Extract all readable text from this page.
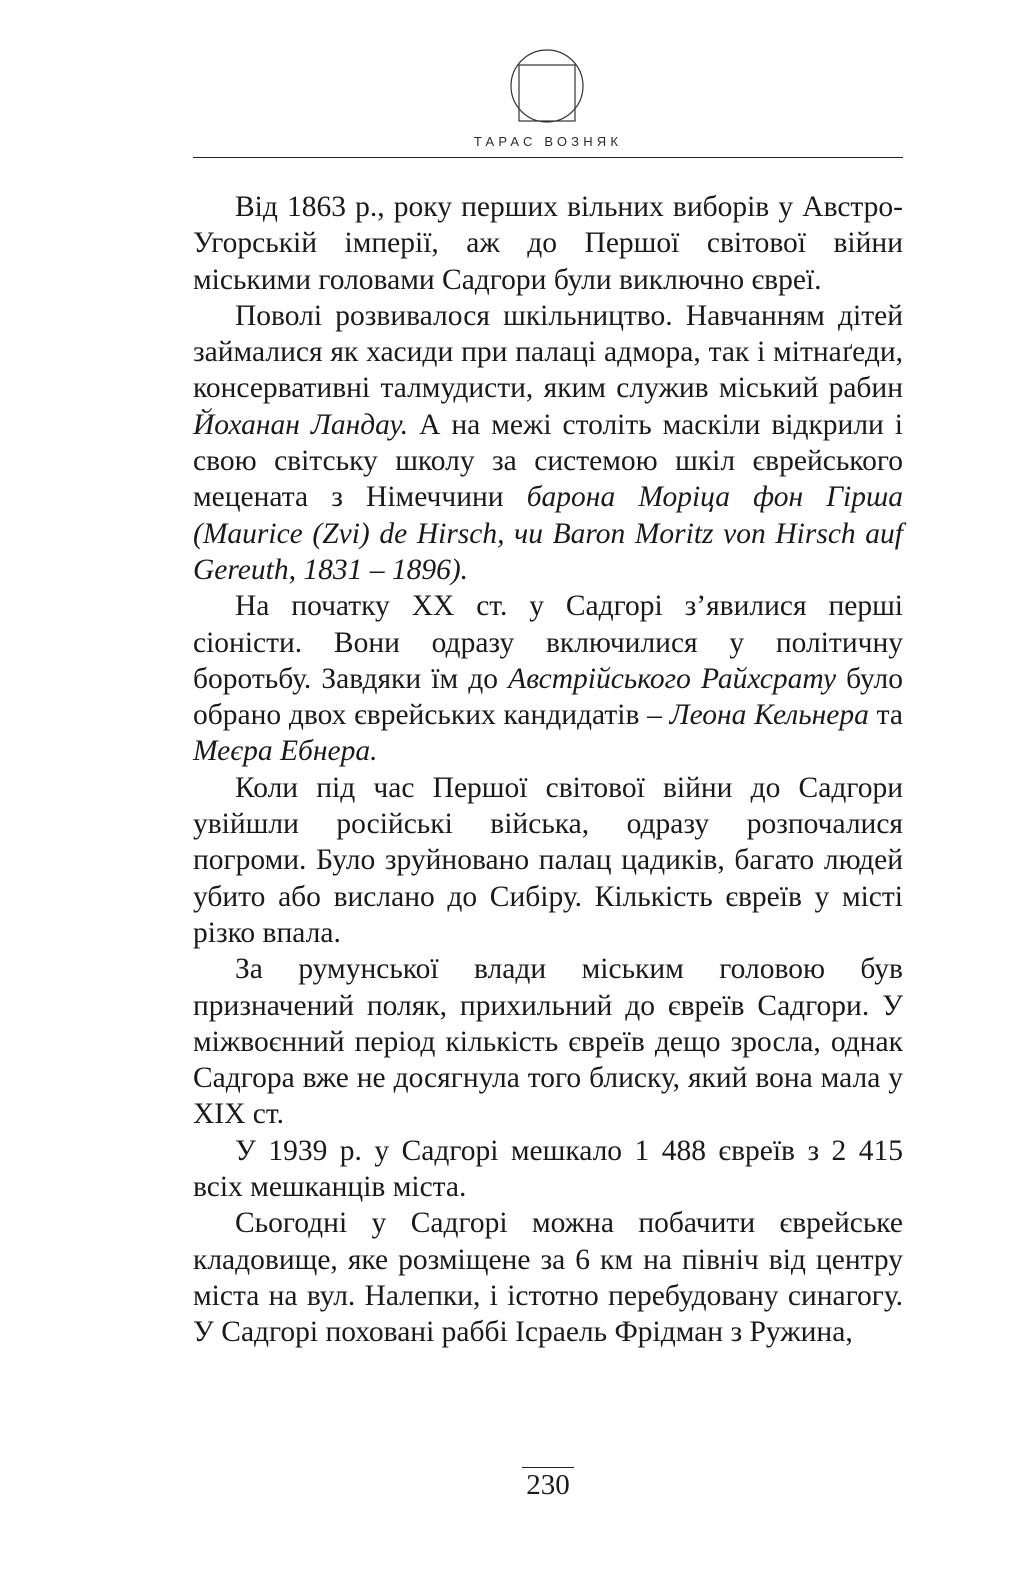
ТАРАС ВОЗНЯК

Від 1863 р., року перших вільних виборів у Австро-Угорській імперії, аж до Першої світової війни міськими головами Садгори були виключно євреї.

Поволі розвивалося шкільництво. Навчанням дітей займалися як хасиди при палаці адмора, так і мітнаґеди, консервативні талмудисти, яким служив міський рабин Йоханан Ландау. А на межі століть маскіли відкрили і свою світську школу за системою шкіл єврейського мецената з Німеччини барона Моріца фон Гірша (Maurice (Zvi) de Hirsch, чи Baron Moritz von Hirsch auf Gereuth, 1831 – 1896).

На початку XX ст. у Садгорі з’явилися перші сіоністи. Вони одразу включилися у політичну боротьбу. Завдяки їм до Австрійського Райхсрату було обрано двох єврейських кандидатів – Леона Кельнера та Меєра Ебнера.

Коли під час Першої світової війни до Садгори увійшли російські війська, одразу розпочалися погроми. Було зруйновано палац цадиків, багато людей убито або вислано до Сибіру. Кількість євреїв у місті різко впала.

За румунської влади міським головою був призначений поляк, прихильний до євреїв Садгори. У міжвоєнний період кількість євреїв дещо зросла, однак Садгора вже не досягнула того блиску, який вона мала у XIX ст.

У 1939 р. у Садгорі мешкало 1 488 євреїв з 2 415 всіх мешканців міста.

Сьогодні у Садгорі можна побачити єврейське кладовище, яке розміщене за 6 км на північ від центру міста на вул. Налепки, і істотно перебудовану синагогу. У Садгорі поховані раббі Ісраель Фрідман з Ружина,

230
